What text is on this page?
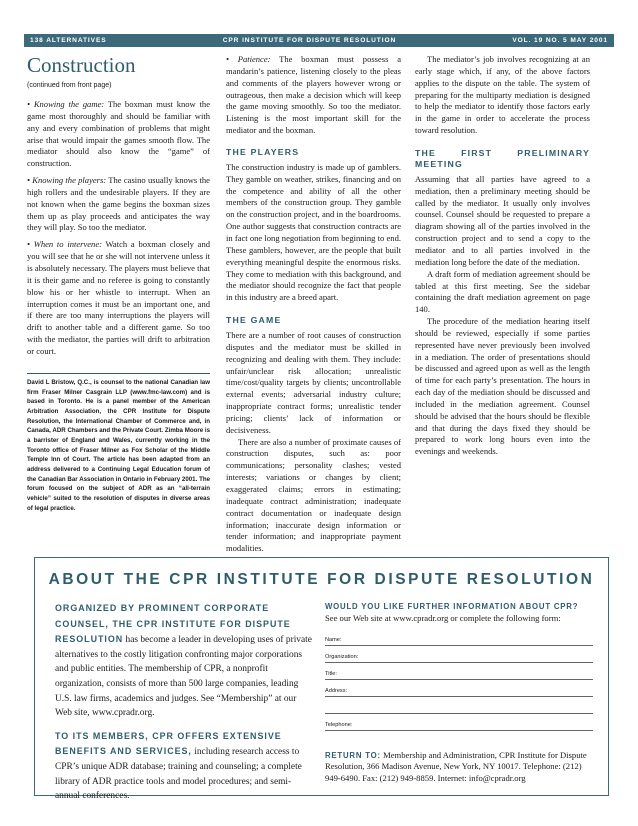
138 ALTERNATIVES	CPR INSTITUTE FOR DISPUTE RESOLUTION	VOL. 19 NO. 5 MAY 2001
Construction
(continued from front page)

• Knowing the game: The boxman must know the game most thoroughly and should be familiar with any and every combination of problems that might arise that would impair the games smooth flow. The mediator should also know the “game” of construction.

• Knowing the players: The casino usually knows the high rollers and the undesirable players. If they are not known when the game begins the boxman sizes them up as play proceeds and anticipates the way they will play. So too the mediator.

• When to intervene: Watch a boxman closely and you will see that he or she will not intervene unless it is absolutely necessary. The players must believe that it is their game and no referee is going to constantly blow his or her whistle to interrupt. When an interruption comes it must be an important one, and if there are too many interruptions the players will drift to another table and a different game. So too with the mediator, the parties will drift to arbitration or court.

David L Bristow, Q.C., is counsel to the national Canadian law firm Fraser Milner Casgrain LLP (www.fmc-law.com) and is based in Toronto. He is a panel member of the American Arbitration Association, the CPR Institute for Dispute Resolution, the International Chamber of Commerce and, in Canada, ADR Chambers and the Private Court. Zimba Moore is a barrister of England and Wales, currently working in the Toronto office of Fraser Milner as Fox Scholar of the Middle Temple Inn of Court. The article has been adapted from an address delivered to a Continuing Legal Education forum of the Canadian Bar Association in Ontario in February 2001. The forum focused on the subject of ADR as an “all-terrain vehicle” suited to the resolution of disputes in diverse areas of legal practice.

• Patience: The boxman must possess a mandarin’s patience, listening closely to the pleas and comments of the players however wrong or outrageous, then make a decision which will keep the game moving smoothly. So too the mediator. Listening is the most important skill for the mediator and the boxman.

THE PLAYERS

The construction industry is made up of gamblers. They gamble on weather, strikes, financing and on the competence and ability of all the other members of the construction group. They gamble on the construction project, and in the boardrooms. One author suggests that construction contracts are in fact one long negotiation from beginning to end. These gamblers, however, are the people that built everything meaningful despite the enormous risks. They come to mediation with this background, and the mediator should recognize the fact that people in this industry are a breed apart.

THE GAME

There are a number of root causes of construction disputes and the mediator must be skilled in recognizing and dealing with them. They include: unfair/unclear risk allocation; unrealistic time/cost/quality targets by clients; uncontrollable external events; adversarial industry culture; inappropriate contract forms; unrealistic tender pricing; clients’ lack of information or decisiveness.

There are also a number of proximate causes of construction disputes, such as: poor communications; personality clashes; vested interests; variations or changes by client; exaggerated claims; errors in estimating; inadequate contract administration; inadequate contract documentation or inadequate design information; inaccurate design information or tender information; and inappropriate payment modalities.

The mediator’s job involves recognizing at an early stage which, if any, of the above factors applies to the dispute on the table. The system of preparing for the multiparty mediation is designed to help the mediator to identify those factors early in the game in order to accelerate the process toward resolution.

THE FIRST PRELIMINARY MEETING

Assuming that all parties have agreed to a mediation, then a preliminary meeting should be called by the mediator. It usually only involves counsel. Counsel should be requested to prepare a diagram showing all of the parties involved in the construction project and to send a copy to the mediator and to all parties involved in the mediation long before the date of the mediation.

A draft form of mediation agreement should be tabled at this first meeting. See the sidebar containing the draft mediation agreement on page 140.

The procedure of the mediation hearing itself should be reviewed, especially if some parties represented have never previously been involved in a mediation. The order of presentations should be discussed and agreed upon as well as the length of time for each party’s presentation. The hours in each day of the mediation should be discussed and included in the mediation agreement. Counsel should be advised that the hours should be flexible and that during the days fixed they should be prepared to work long hours even into the evenings and weekends.

ABOUT THE CPR INSTITUTE FOR DISPUTE RESOLUTION

ORGANIZED BY PROMINENT CORPORATE COUNSEL, THE CPR INSTITUTE FOR DISPUTE RESOLUTION has become a leader in developing uses of private alternatives to the costly litigation confronting major corporations and public entities. The membership of CPR, a nonprofit organization, consists of more than 500 large companies, leading U.S. law firms, academics and judges. See “Membership” at our Web site, www.cpradr.org.

TO ITS MEMBERS, CPR OFFERS EXTENSIVE BENEFITS AND SERVICES, including research access to CPR’s unique ADR database; training and counseling; a complete library of ADR practice tools and model procedures; and semi-annual conferences.

WOULD YOU LIKE FURTHER INFORMATION ABOUT CPR?
See our Web site at www.cpradr.org or complete the following form:
Name:
Organization:
Title:
Address:
Telephone:

RETURN TO: Membership and Administration, CPR Institute for Dispute Resolution, 366 Madison Avenue, New York, NY 10017. Telephone: (212) 949-6490. Fax: (212) 949-8859. Internet: info@cpradr.org
